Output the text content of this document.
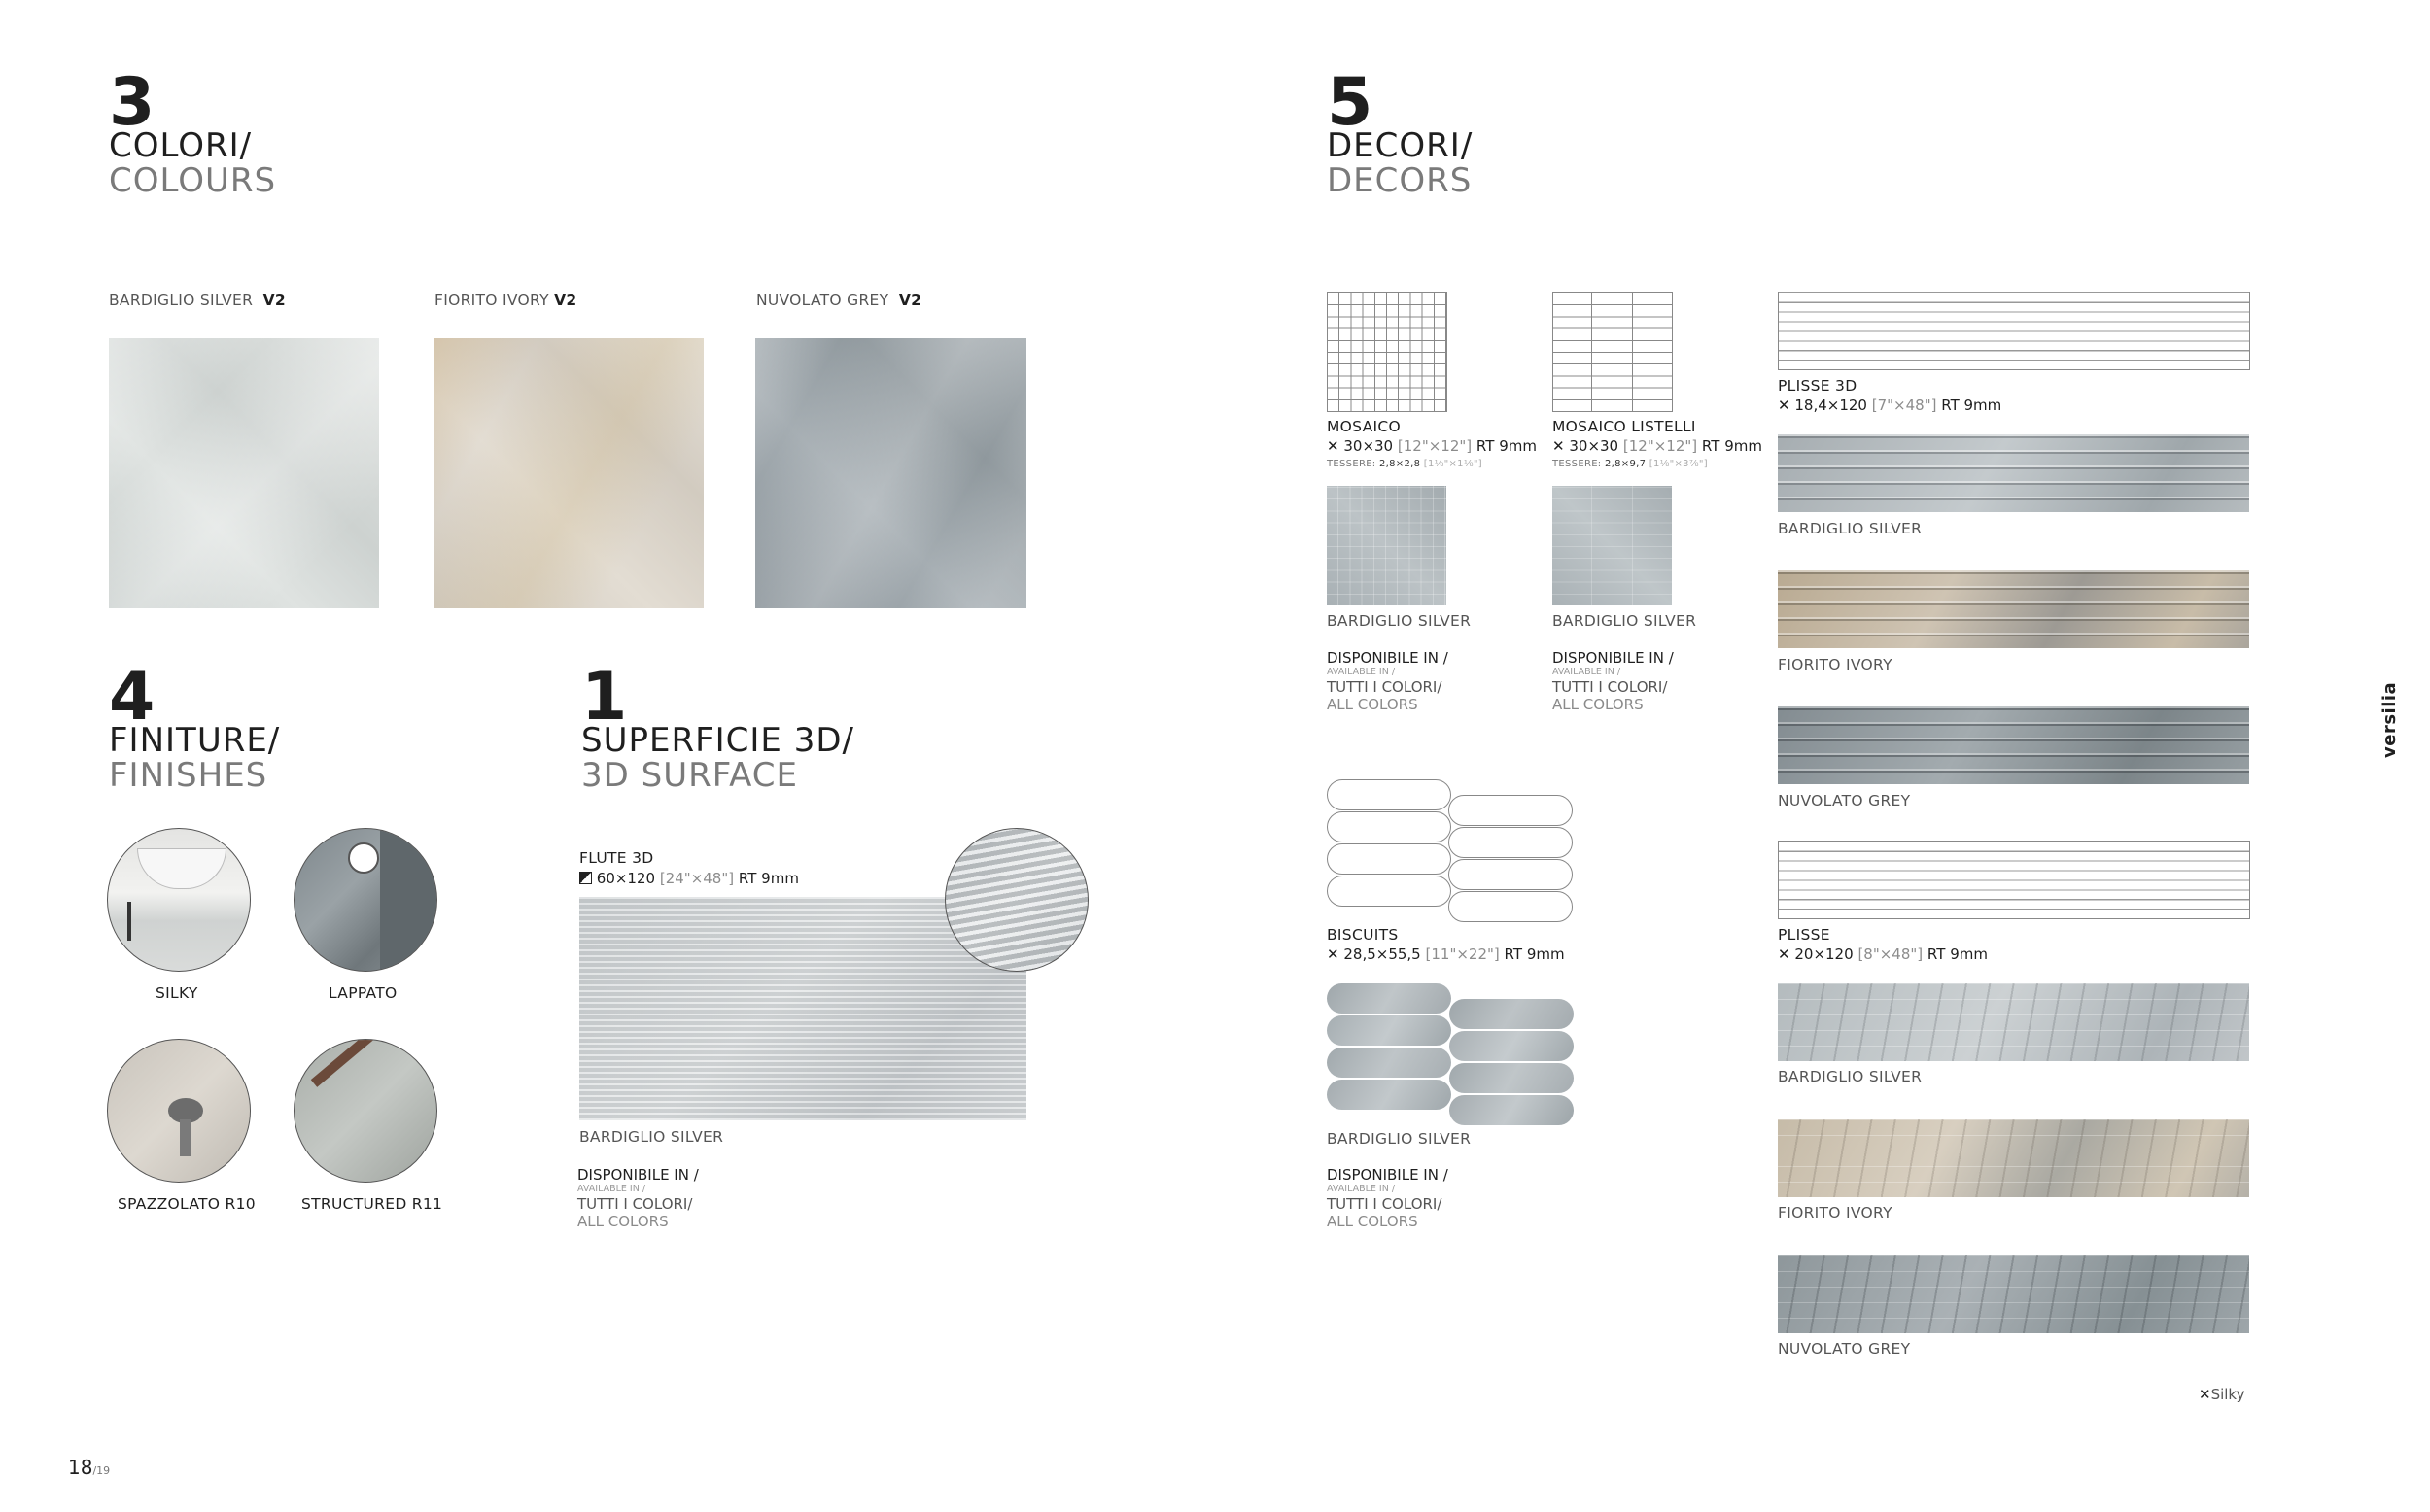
3
COLORI/
COLOURS
BARDIGLIO SILVER V2	FIORITO IVORY V2	NUVOLATO GREY V2
4
FINITURE/
FINISHES
SILKY	LAPPATO
SPAZZOLATO R10	STRUCTURED R11
1
SUPERFICIE 3D/
3D SURFACE
FLUTE 3D
60×120 [24"×48"] RT 9mm
BARDIGLIO SILVER
DISPONIBILE IN /
AVAILABLE IN /
TUTTI I COLORI/
ALL COLORS
5
DECORI/
DECORS
MOSAICO
✕ 30×30 [12"×12"] RT 9mm
TESSERE: 2,8×2,8 [1⅛"×1⅛"]
BARDIGLIO SILVER
DISPONIBILE IN /
AVAILABLE IN /
TUTTI I COLORI/
ALL COLORS
MOSAICO LISTELLI
✕ 30×30 [12"×12"] RT 9mm
TESSERE: 2,8×9,7 [1⅛"×3⅞"]
BARDIGLIO SILVER
DISPONIBILE IN /
AVAILABLE IN /
TUTTI I COLORI/
ALL COLORS
BISCUITS
✕ 28,5×55,5 [11"×22"] RT 9mm
BARDIGLIO SILVER
DISPONIBILE IN /
AVAILABLE IN /
TUTTI I COLORI/
ALL COLORS
PLISSE 3D
✕ 18,4×120 [7"×48"] RT 9mm
BARDIGLIO SILVER
FIORITO IVORY
NUVOLATO GREY
PLISSE
✕ 20×120 [8"×48"] RT 9mm
BARDIGLIO SILVER
FIORITO IVORY
NUVOLATO GREY
✕Silky
versilia
18/19
